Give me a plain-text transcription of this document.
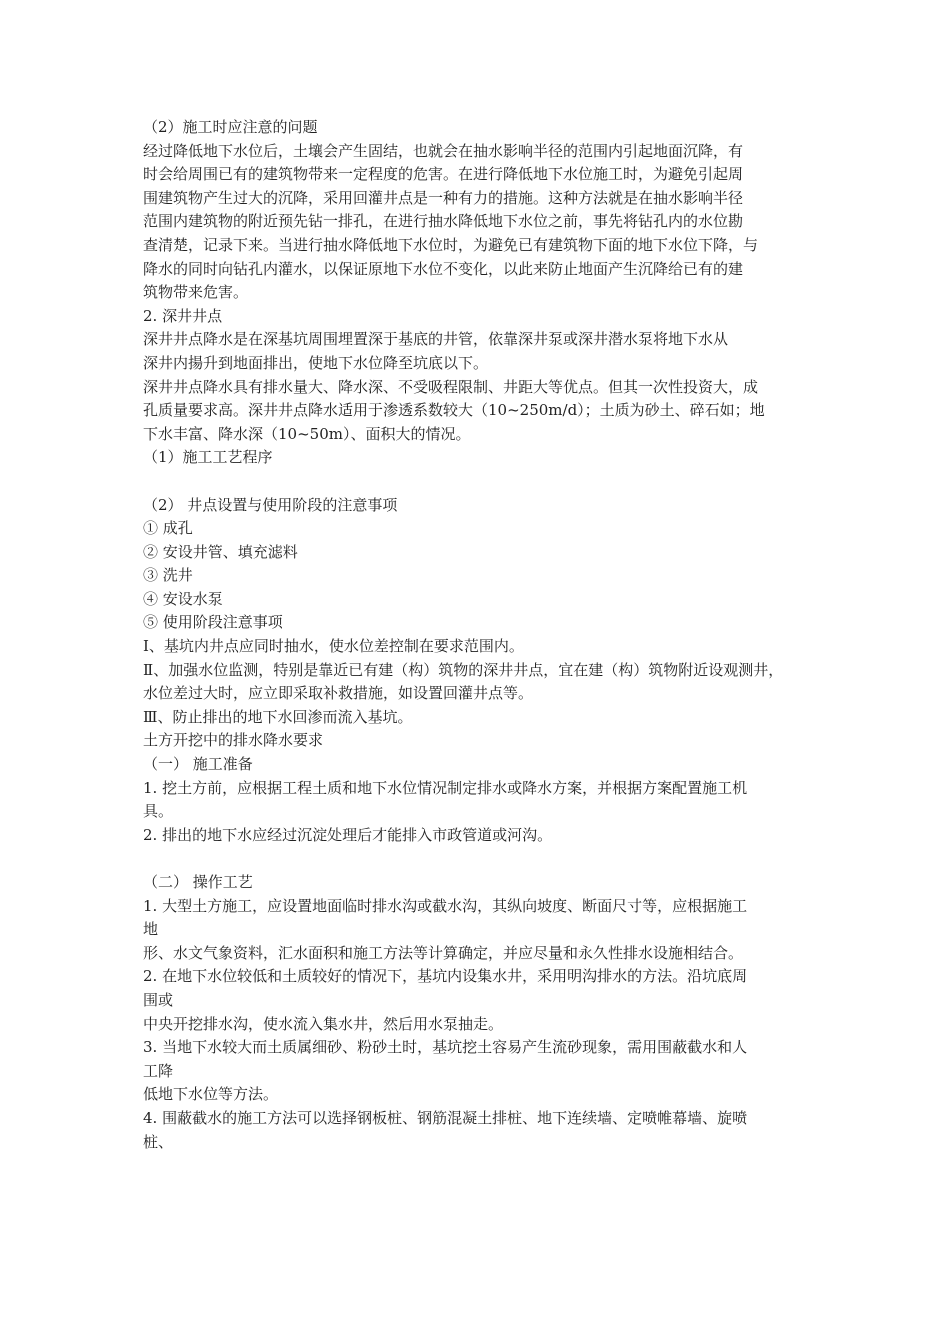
（2）施工时应注意的问题
经过降低地下水位后，土壤会产生固结，也就会在抽水影响半径的范围内引起地面沉降，有
时会给周围已有的建筑物带来一定程度的危害。在进行降低地下水位施工时，为避免引起周
围建筑物产生过大的沉降，采用回灌井点是一种有力的措施。这种方法就是在抽水影响半径
范围内建筑物的附近预先钻一排孔，在进行抽水降低地下水位之前，事先将钻孔内的水位勘
查清楚，记录下来。当进行抽水降低地下水位时，为避免已有建筑物下面的地下水位下降，与
降水的同时向钻孔内灌水，以保证原地下水位不变化，以此来防止地面产生沉降给已有的建
筑物带来危害。
2. 深井井点
深井井点降水是在深基坑周围埋置深于基底的井管，依靠深井泵或深井潜水泵将地下水从
深井内揚升到地面排出，使地下水位降至坑底以下。
深井井点降水具有排水量大、降水深、不受吸程限制、井距大等优点。但其一次性投资大，成
孔质量要求高。深井井点降水适用于渗透系数较大（10~250m/d）；土质为砂土、碎石如；地
下水丰富、降水深（10~50m）、面积大的情况。
（1）施工工艺程序
（2） 井点设置与使用阶段的注意事项
① 成孔
② 安设井管、填充滤料
③ 洗井
④ 安设水泵
⑤ 使用阶段注意事项
Ⅰ、基坑内井点应同时抽水，使水位差控制在要求范围内。
Ⅱ、加强水位监测，特别是靠近已有建（构）筑物的深井井点，宜在建（构）筑物附近设观测井，
水位差过大时，应立即采取补救措施，如设置回灌井点等。
Ⅲ、防止排出的地下水回渗而流入基坑。
土方开挖中的排水降水要求
（一） 施工准备
1. 挖土方前，应根据工程土质和地下水位情况制定排水或降水方案，并根据方案配置施工机
具。
2. 排出的地下水应经过沉淀处理后才能排入市政管道或河沟。
（二） 操作工艺
1. 大型土方施工，应设置地面临时排水沟或截水沟，其纵向坡度、断面尺寸等，应根据施工
地
形、水文气象资料，汇水面积和施工方法等计算确定，并应尽量和永久性排水设施相结合。
2. 在地下水位较低和土质较好的情况下，基坑内设集水井，采用明沟排水的方法。沿坑底周
围或
中央开挖排水沟，使水流入集水井，然后用水泵抽走。
3. 当地下水较大而土质属细砂、粉砂土时，基坑挖土容易产生流砂现象，需用围蔽截水和人
工降
低地下水位等方法。
4. 围蔽截水的施工方法可以选择钢板桩、钢筋混凝土排桩、地下连续墙、定喷帷幕墙、旋喷
桩、
